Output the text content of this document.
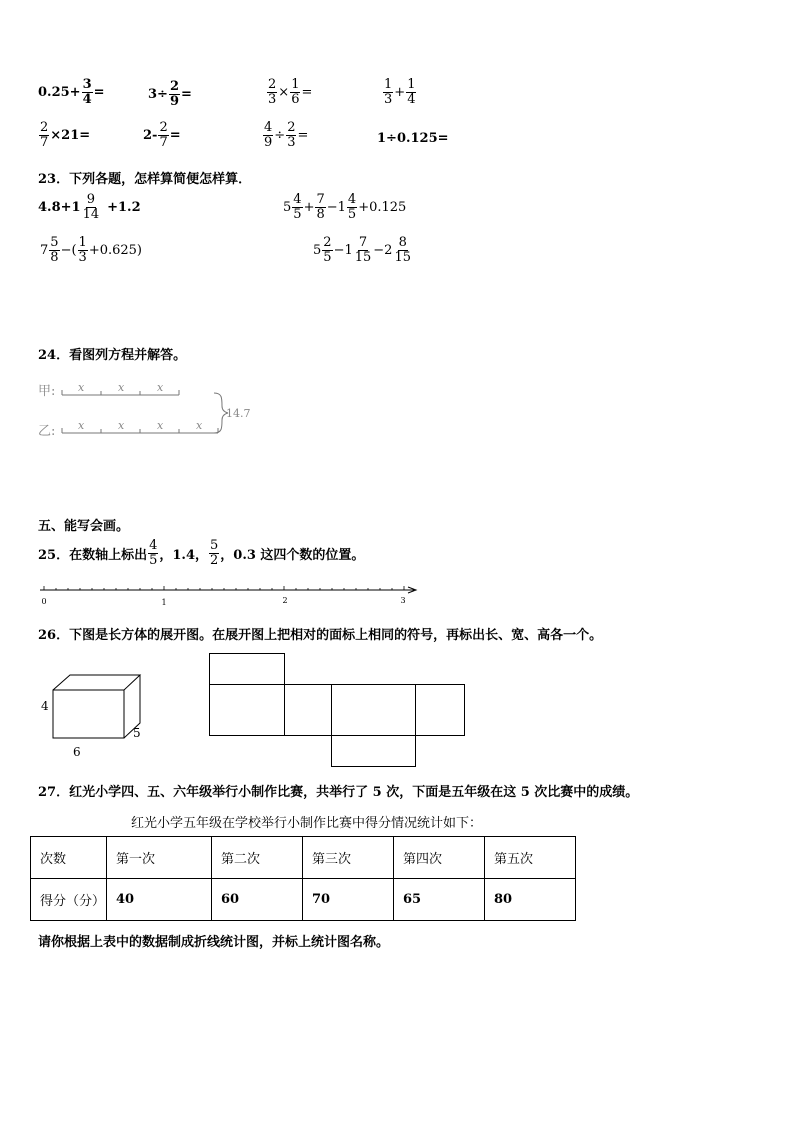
$0.25+ \frac{3}{4}$ =	$3\div \frac{2}{9}$ =	$\frac{2}{3} \times \frac{1}{6}$ =	$\frac{1}{3} + \frac{1}{4}$
$\frac{2}{7} \times 21=$	$2- \frac{2}{7}$ =	$\frac{4}{9} \div \frac{2}{3}$ =	1÷0.125=
23．下列各题，怎样算简便怎样算．
$4.8+1 \frac{9}{14} +1.2$	$5 \frac{4}{5} + \frac{7}{8} -1 \frac{4}{5} +0.125$
$7 \frac{5}{8}$ −( $\frac{1}{3} +0.625$)	$5 \frac{2}{5} -1 \frac{7}{15} -2 \frac{8}{15}$
24．看图列方程并解答。
甲:
乙:
x	x	x
x	x	x	x
14.7
五、能写会画。
25．在数轴上标出 $\frac{4}{5}$ ，1.4， $\frac{5}{2}$ ，0.3 这四个数的位置。
0	1	2	3
26．下图是长方体的展开图。在展开图上把相对的面标上相同的符号，再标出长、宽、高各一个。
4
6
5
27．红光小学四、五、六年级举行小制作比赛，共举行了 5 次，下面是五年级在这 5 次比赛中的成绩。
红光小学五年级在学校举行小制作比赛中得分情况统计如下：
次数	第一次	第二次	第三次	第四次	第五次
得分（分）	40	60	70	65	80
请你根据上表中的数据制成折线统计图，并标上统计图名称。
